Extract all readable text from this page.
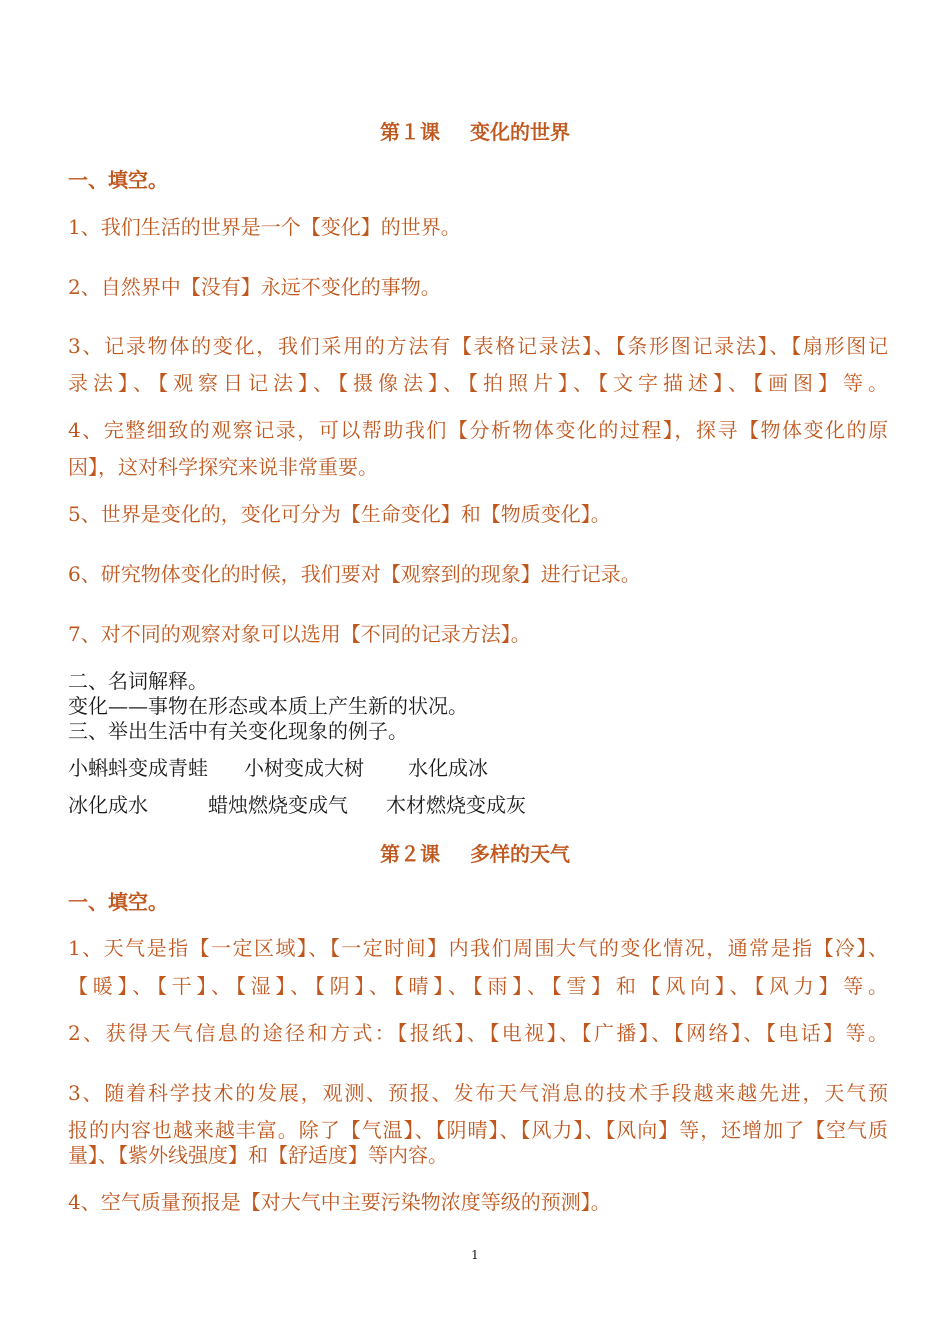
第１课 变化的世界

一、填空。

1、我们生活的世界是一个【变化】的世界。

2、自然界中【没有】永远不变化的事物。

3、记录物体的变化，我们采用的方法有【表格记录法】、【条形图记录法】、【扇形图记

录法】、【观察日记法】、【摄像法】、【拍照片】、【文字描述】、【画图】等。

4、完整细致的观察记录，可以帮助我们【分析物体变化的过程】，探寻【物体变化的原

因】，这对科学探究来说非常重要。

5、世界是变化的，变化可分为【生命变化】和【物质变化】。

6、研究物体变化的时候，我们要对【观察到的现象】进行记录。

7、对不同的观察对象可以选用【不同的记录方法】。

二、名词解释。

变化——事物在形态或本质上产生新的状况。

三、举出生活中有关变化现象的例子。

小蝌蚪变成青蛙 小树变成大树 水化成冰

冰化成水	蜡烛燃烧变成气 木材燃烧变成灰

第２课 多样的天气

一、填空。

1、天气是指【一定区域】、【一定时间】内我们周围大气的变化情况，通常是指【冷】、

【暖】、【干】、【湿】、【阴】、【晴】、【雨】、【雪】和【风向】、【风力】等。

2、获得天气信息的途径和方式：【报纸】、【电视】、【广播】、【网络】、【电话】等。

3、随着科学技术的发展，观测、预报、发布天气消息的技术手段越来越先进，天气预

报的内容也越来越丰富。除了【气温】、【阴晴】、【风力】、【风向】等，还增加了【空气质

量】、【紫外线强度】和【舒适度】等内容。

4、空气质量预报是【对大气中主要污染物浓度等级的预测】。

1
